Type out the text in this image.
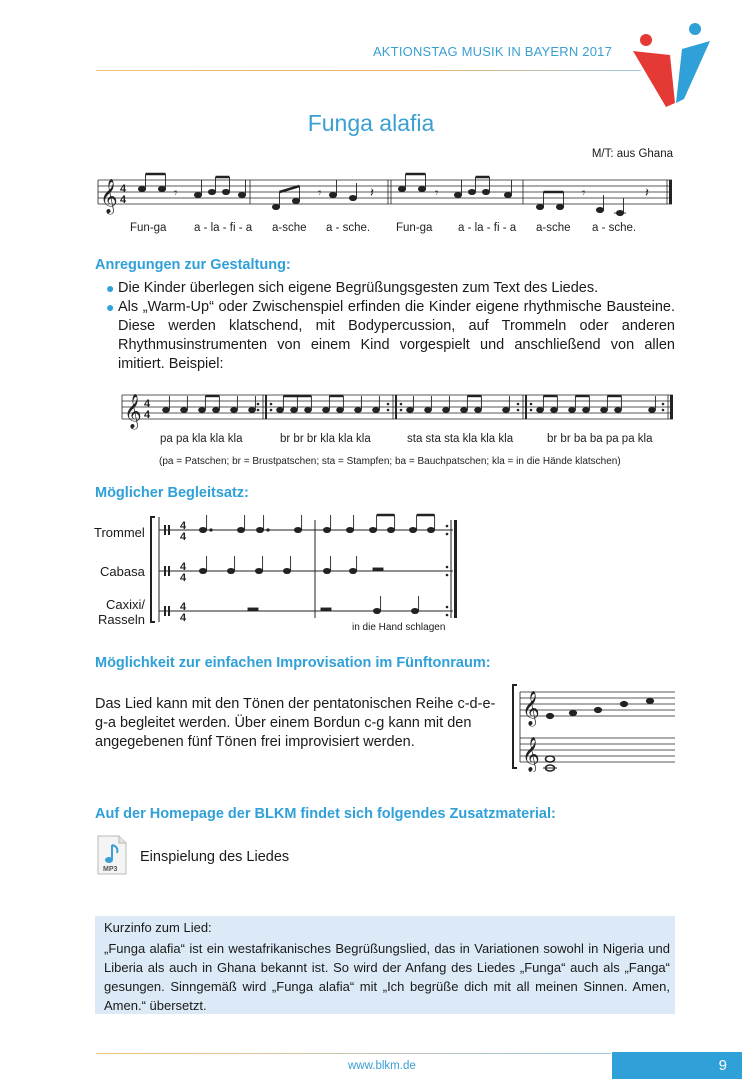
AKTIONSTAG MUSIK IN BAYERN 2017
Funga alafia
M/T: aus Ghana
𝄞 4
4	𝄾	𝄾	𝄽	𝄾	𝄾	𝄽
Fun-ga a - la - fi - a a-sche a - sche. Fun-ga a - la - fi - a a-sche a - sche.
Anregungen zur Gestaltung:
● Die Kinder überlegen sich eigene Begrüßungsgesten zum Text des Liedes.
● Als „Warm-Up“ oder Zwischenspiel erfinden die Kinder eigene rhythmische Bausteine. Diese werden klatschend, mit Bodypercussion, auf Trommeln oder anderen Rhythmusinstrumenten von einem Kind vorgespielt und anschließend von allen imitiert. Beispiel:
𝄞 4
4
pa pa kla kla kla	br br br kla kla kla	sta sta sta kla kla kla	br br ba ba pa pa kla
(pa = Patschen; br = Brustpatschen; sta = Stampfen; ba = Bauchpatschen; kla = in die Hände klatschen)
Möglicher Begleitsatz:
Trommel
Cabasa
Caxixi/
Rasseln
4
4
4
4
4
4
in die Hand schlagen
Möglichkeit zur einfachen Improvisation im Fünftonraum:
Das Lied kann mit den Tönen der pentatonischen Reihe c-d-e-g-a begleitet werden. Über einem Bordun c-g kann mit den angegebenen fünf Tönen frei improvisiert werden.
𝄞
𝄞
Auf der Homepage der BLKM findet sich folgendes Zusatzmaterial:
MP3
Einspielung des Liedes
Kurzinfo zum Lied:
„Funga alafia“ ist ein westafrikanisches Begrüßungslied, das in Variationen sowohl in Nigeria und Liberia als auch in Ghana bekannt ist. So wird der Anfang des Liedes „Funga“ auch als „Fanga“ gesungen. Sinngemäß wird „Funga alafia“ mit „Ich begrüße dich mit all meinen Sinnen. Amen, Amen.“ übersetzt.
www.blkm.de	9
